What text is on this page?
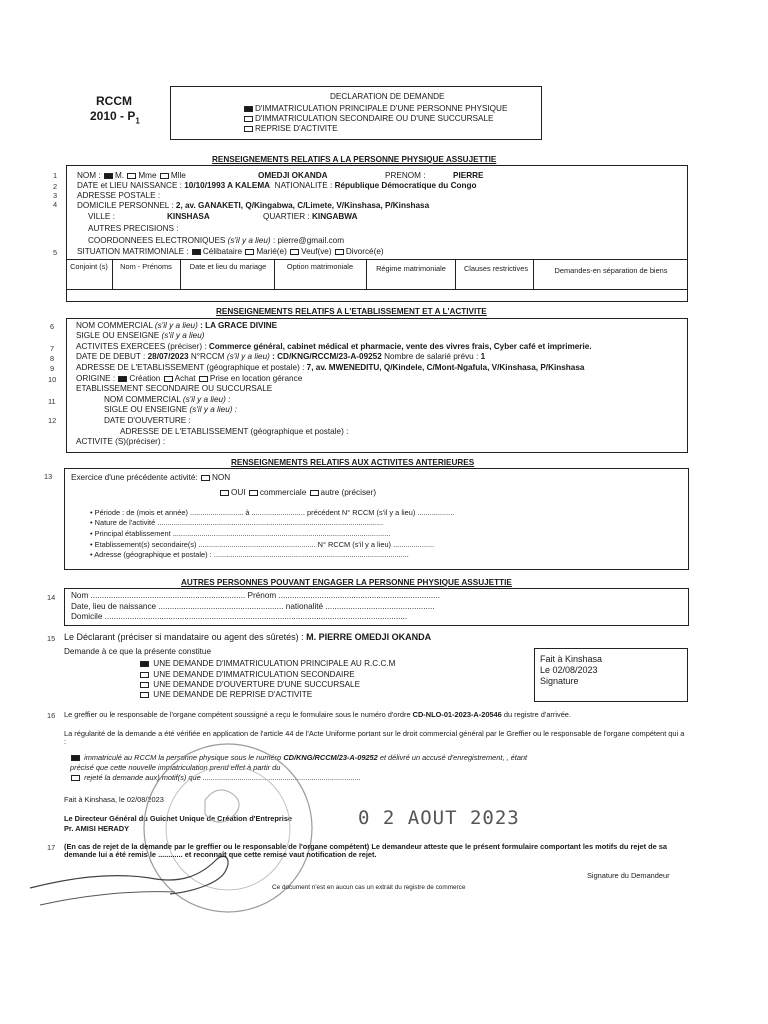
RCCM
$2010 - P_1$
DECLARATION DE DEMANDE
D'IMMATRICULATION PRINCIPALE D'UNE PERSONNE PHYSIQUE
D'IMMATRICULATION SECONDAIRE OU D'UNE SUCCURSALE
REPRISE D'ACTIVITE
RENSEIGNEMENTS RELATIFS A LA PERSONNE PHYSIQUE ASSUJETTIE
1
2
3
4
5
NOM : M. Mme Mlle	OMEDJI OKANDA	PRENOM :	PIERRE
DATE et LIEU NAISSANCE : 10/10/1993 A KALEMA NATIONALITE : République Démocratique du Congo
ADRESSE POSTALE :
DOMICILE PERSONNEL : 2, av. GANAKETI, Q/Kingabwa, C/Limete, V/Kinshasa, P/Kinshasa
VILLE :	KINSHASA	QUARTIER : KINGABWA
AUTRES PRECISIONS :
COORDONNEES ELECTRONIQUES (s'il y a lieu) : pierre@gmail.com
SITUATION MATRIMONIALE : Célibataire Marié(e) Veuf(ve) Divorcé(e)
Conjoint (s)	Nom - Prénoms	Date et lieu du mariage	Option matrimoniale	Régime matrimoniale	Clauses restrictives	Demandes-en séparation de biens
RENSEIGNEMENTS RELATIFS A L'ETABLISSEMENT ET A L'ACTIVITE
6
7
8
9
10
11
12
NOM COMMERCIAL (s'il y a lieu) : LA GRACE DIVINE
SIGLE OU ENSEIGNE (s'il y a lieu)
ACTIVITES EXERCEES (préciser) : Commerce général, cabinet médical et pharmacie, vente des vivres frais, Cyber café et imprimerie.
DATE DE DEBUT : 28/07/2023 N°RCCM (s'il y a lieu) : CD/KNG/RCCM/23-A-09252 Nombre de salarié prévu : 1
ADRESSE DE L'ETABLISSEMENT (géographique et postale) : 7, av. MWENEDITU, Q/Kindele, C/Mont-Ngafula, V/Kinshasa, P/Kinshasa
ORIGINE : Création Achat Prise en location gérance
ETABLISSEMENT SECONDAIRE OU SUCCURSALE
NOM COMMERCIAL (s'il y a lieu) :
SIGLE OU ENSEIGNE (s'il y a lieu) :
DATE D'OUVERTURE :
ADRESSE DE L'ETABLISSEMENT (géographique et postale) :
ACTIVITE (S)(préciser) :
RENSEIGNEMENTS RELATIFS AUX ACTIVITES ANTERIEURES
13 Exercice d'une précédente activité: NON
OUI commerciale autre (préciser)
• Période : de (mois et année) .......................... à .......................... précédent N° RCCM (s'il y a lieu) ..................
• Nature de l'activité ..............................................................................................................
• Principal établissement ..........................................................................................................
• Etablissement(s) secondaire(s) ......................................................... N° RCCM (s'il y a lieu) ....................
• Adresse (géographique et postale) : ...............................................................................................
AUTRES PERSONNES POUVANT ENGAGER LA PERSONNE PHYSIQUE ASSUJETTIE
14 Nom .................................................................... Prénom .......................................................................
Date, lieu de naissance ....................................................... nationalité ................................................
Domicile .....................................................................................................................................
15 Le Déclarant (préciser si mandataire ou agent des sûretés) : M. PIERRE OMEDJI OKANDA
Demande à ce que la présente constitue
UNE DEMANDE D'IMMATRICULATION PRINCIPALE AU R.C.C.M
UNE DEMANDE D'IMMATRICULATION SECONDAIRE
UNE DEMANDE D'OUVERTURE D'UNE SUCCURSALE
UNE DEMANDE DE REPRISE D'ACTIVITE
Fait à Kinshasa
Le 02/08/2023
Signature
16 Le greffier ou le responsable de l'organe compétent soussigné a reçu le formulaire sous le numéro d'ordre CD-NLO-01-2023-A-20546 du registre d'arrivée.
La régularité de la demande a été vérifiée en application de l'article 44 de l'Acte Uniforme portant sur le droit commercial général par le Greffier ou le responsable de l'organe compétent qui a :
immatriculé au RCCM la personne physique sous le numéro CD/KNG/RCCM/23-A-09252 et délivré un accusé d'enregistrement, , étant
précisé que cette nouvelle immatriculation prend effet à partir du
rejeté la demande aux) motif(s) que .............................................................................
Fait à Kinshasa, le 02/08/2023
Le Directeur Général du Guichet Unique de Création d'Entreprise
Pr. AMISI HERADY	0 2 AOUT 2023
17 (En cas de rejet de la demande par le greffier ou le responsable de l'organe compétent) Le demandeur atteste que le présent formulaire comportant les motifs du rejet de sa demande lui a été remis le ............ et reconnaît que cette remise vaut notification de rejet.
Signature du Demandeur
Ce document n'est en aucun cas un extrait du registre de commerce
